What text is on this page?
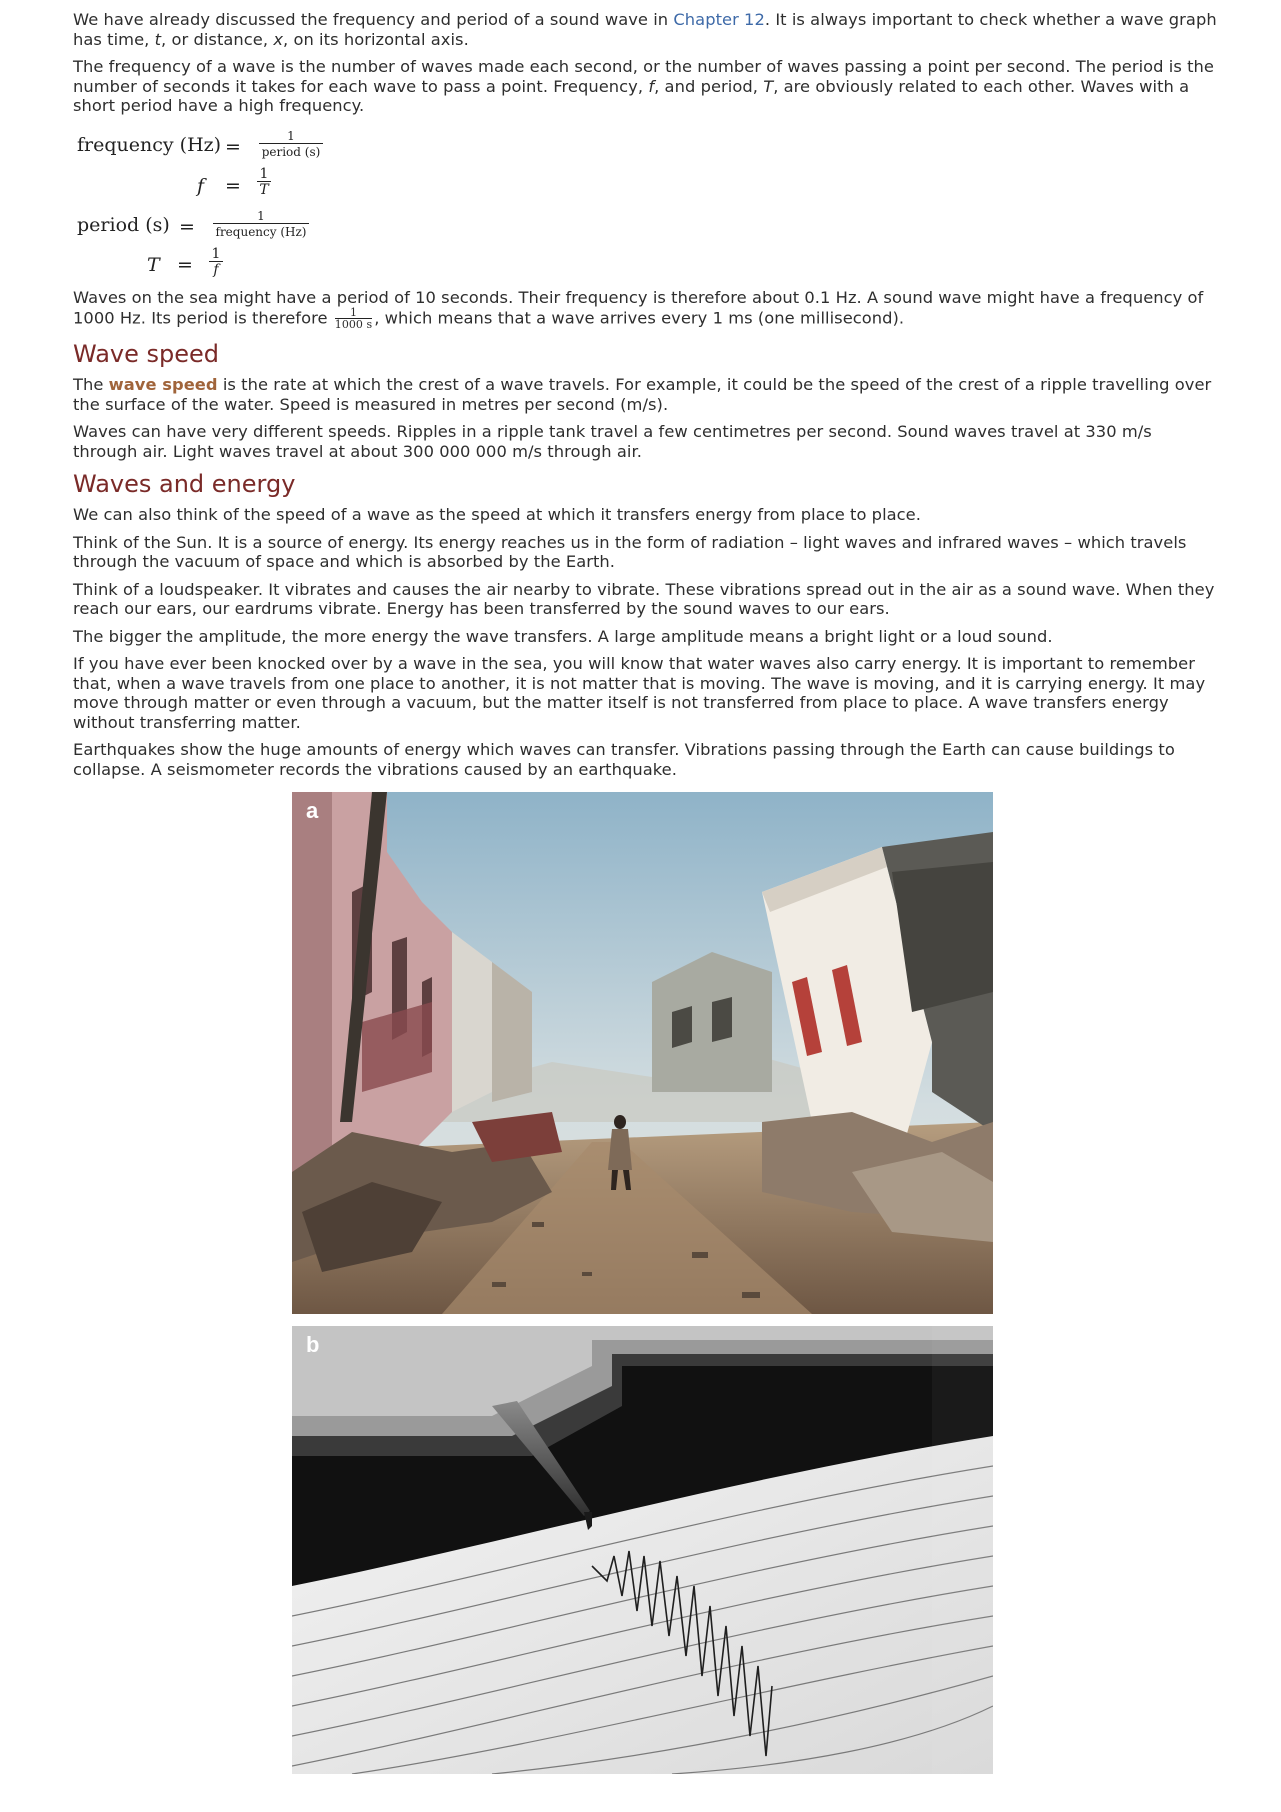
We have already discussed the frequency and period of a sound wave in Chapter 12. It is always important to check whether a wave graph has time, t, or distance, x, on its horizontal axis.

The frequency of a wave is the number of waves made each second, or the number of waves passing a point per second. The period is the number of seconds it takes for each wave to pass a point. Frequency, f, and period, T, are obviously related to each other. Waves with a short period have a high frequency.

frequency (Hz) =	1
period (s)
$f = \frac{1}{T}$
period (s) =	1
frequency (Hz)
$T = \frac{1}{f}$

Waves on the sea might have a period of 10 seconds. Their frequency is therefore about 0.1 Hz. A sound wave might have a frequency of 1000 Hz. Its period is therefore $\frac{1}{1000 s}$ , which means that a wave arrives every 1 ms (one millisecond).

Wave speed

The wave speed is the rate at which the crest of a wave travels. For example, it could be the speed of the crest of a ripple travelling over the surface of the water. Speed is measured in metres per second (m/s).

Waves can have very different speeds. Ripples in a ripple tank travel a few centimetres per second. Sound waves travel at 330 m/s through air. Light waves travel at about 300 000 000 m/s through air.

Waves and energy

We can also think of the speed of a wave as the speed at which it transfers energy from place to place.

Think of the Sun. It is a source of energy. Its energy reaches us in the form of radiation – light waves and infrared waves – which travels through the vacuum of space and which is absorbed by the Earth.

Think of a loudspeaker. It vibrates and causes the air nearby to vibrate. These vibrations spread out in the air as a sound wave. When they reach our ears, our eardrums vibrate. Energy has been transferred by the sound waves to our ears.

The bigger the amplitude, the more energy the wave transfers. A large amplitude means a bright light or a loud sound.

If you have ever been knocked over by a wave in the sea, you will know that water waves also carry energy. It is important to remember that, when a wave travels from one place to another, it is not matter that is moving. The wave is moving, and it is carrying energy. It may move through matter or even through a vacuum, but the matter itself is not transferred from place to place. A wave transfers energy without transferring matter.

Earthquakes show the huge amounts of energy which waves can transfer. Vibrations passing through the Earth can cause buildings to collapse. A seismometer records the vibrations caused by an earthquake.

a
b
